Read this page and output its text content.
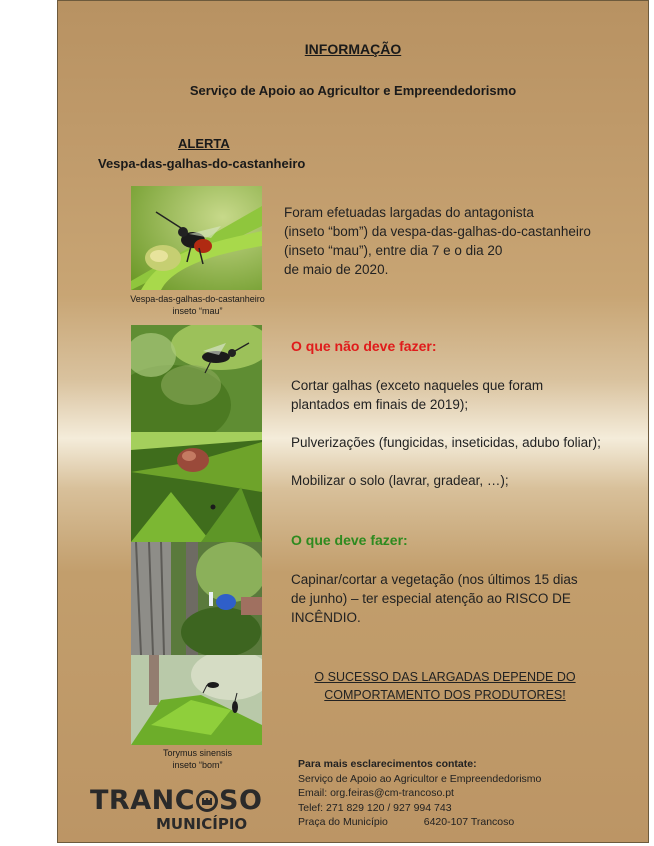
INFORMAÇÃO
Serviço de Apoio ao Agricultor e Empreendedorismo
ALERTA
Vespa-das-galhas-do-castanheiro
Vespa-das-galhas-do-castanheiro
inseto “mau”
Foram efetuadas largadas do antagonista
(inseto “bom”) da vespa-das-galhas-do-castanheiro
(inseto “mau”), entre dia 7 e o dia 20
de maio de 2020.
Torymus sinensis
inseto “bom”
O que não deve fazer:
Cortar galhas (exceto naqueles que foram
plantados em finais de 2019);
Pulverizações (fungicidas, inseticidas, adubo foliar);
Mobilizar o solo (lavrar, gradear, …);
O que deve fazer:
Capinar/cortar a vegetação (nos últimos 15 dias
de junho) – ter especial atenção ao RISCO DE
INCÊNDIO.
O SUCESSO DAS LARGADAS DEPENDE DO
COMPORTAMENTO DOS PRODUTORES!
TRANC SO
MUNICÍPIO
Para mais esclarecimentos contate:
Serviço de Apoio ao Agricultor e Empreendedorismo
Email: org.feiras@cm-trancoso.pt
Telef: 271 829 120 / 927 994 743
Praça do Município	6420-107 Trancoso
